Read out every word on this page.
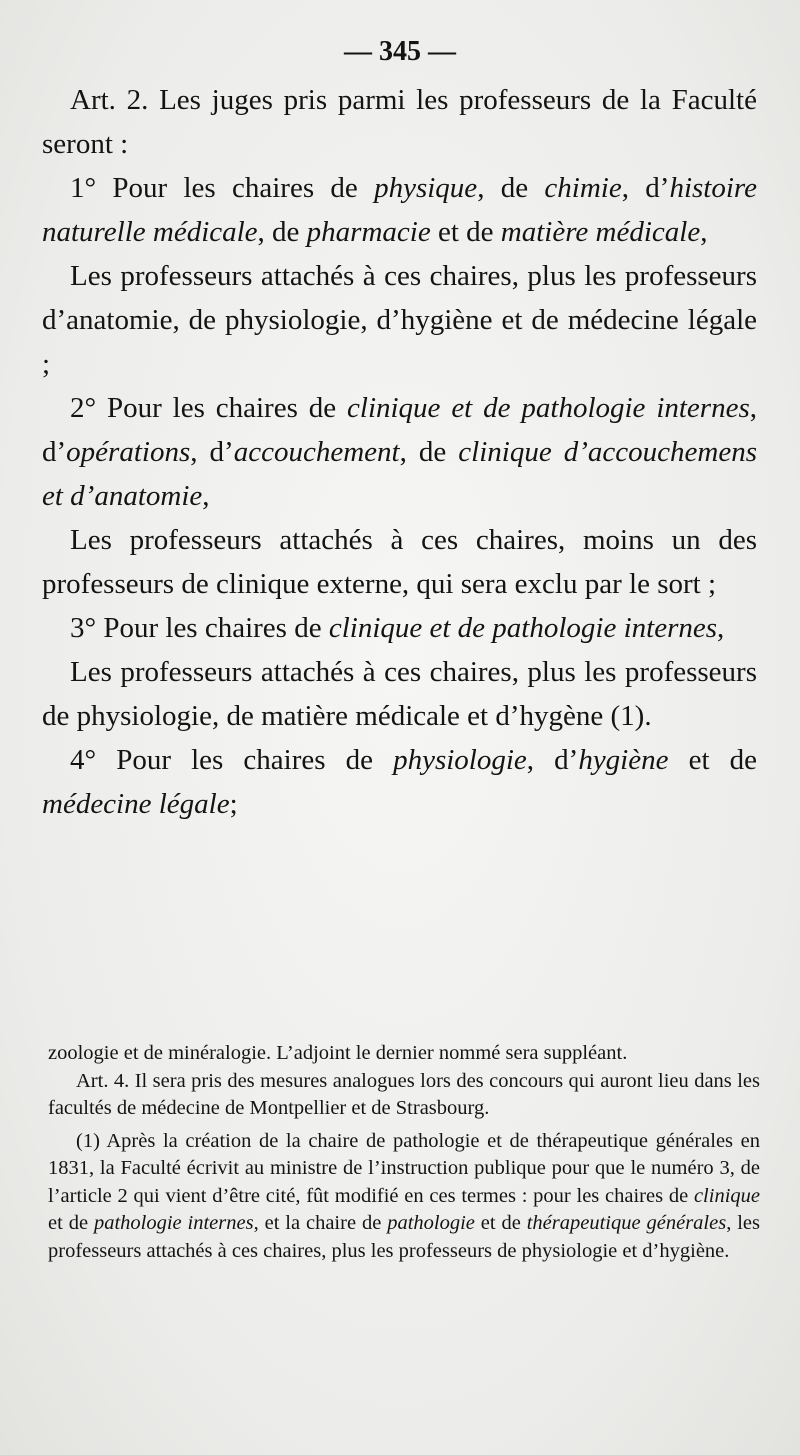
— 345 —

Art. 2. Les juges pris parmi les professeurs de la Faculté seront :

1° Pour les chaires de physique, de chimie, d’histoire naturelle médicale, de pharmacie et de matière médicale,

Les professeurs attachés à ces chaires, plus les professeurs d’anatomie, de physiologie, d’hygiène et de médecine légale ;

2° Pour les chaires de clinique et de pathologie internes, d’opérations, d’accouchement, de clinique d’accouchemens et d’anatomie,

Les professeurs attachés à ces chaires, moins un des professeurs de clinique externe, qui sera exclu par le sort ;

3° Pour les chaires de clinique et de pathologie internes,

Les professeurs attachés à ces chaires, plus les professeurs de physiologie, de matière médicale et d’hygène (1).

4° Pour les chaires de physiologie, d’hygiène et de médecine légale;

zoologie et de minéralogie. L’adjoint le dernier nommé sera suppléant.

Art. 4. Il sera pris des mesures analogues lors des concours qui auront lieu dans les facultés de médecine de Montpellier et de Strasbourg.

(1) Après la création de la chaire de pathologie et de thérapeutique générales en 1831, la Faculté écrivit au ministre de l’instruction publique pour que le numéro 3, de l’article 2 qui vient d’être cité, fût modifié en ces termes : pour les chaires de clinique et de pathologie internes, et la chaire de pathologie et de thérapeutique générales, les professeurs attachés à ces chaires, plus les professeurs de physiologie et d’hygiène.
